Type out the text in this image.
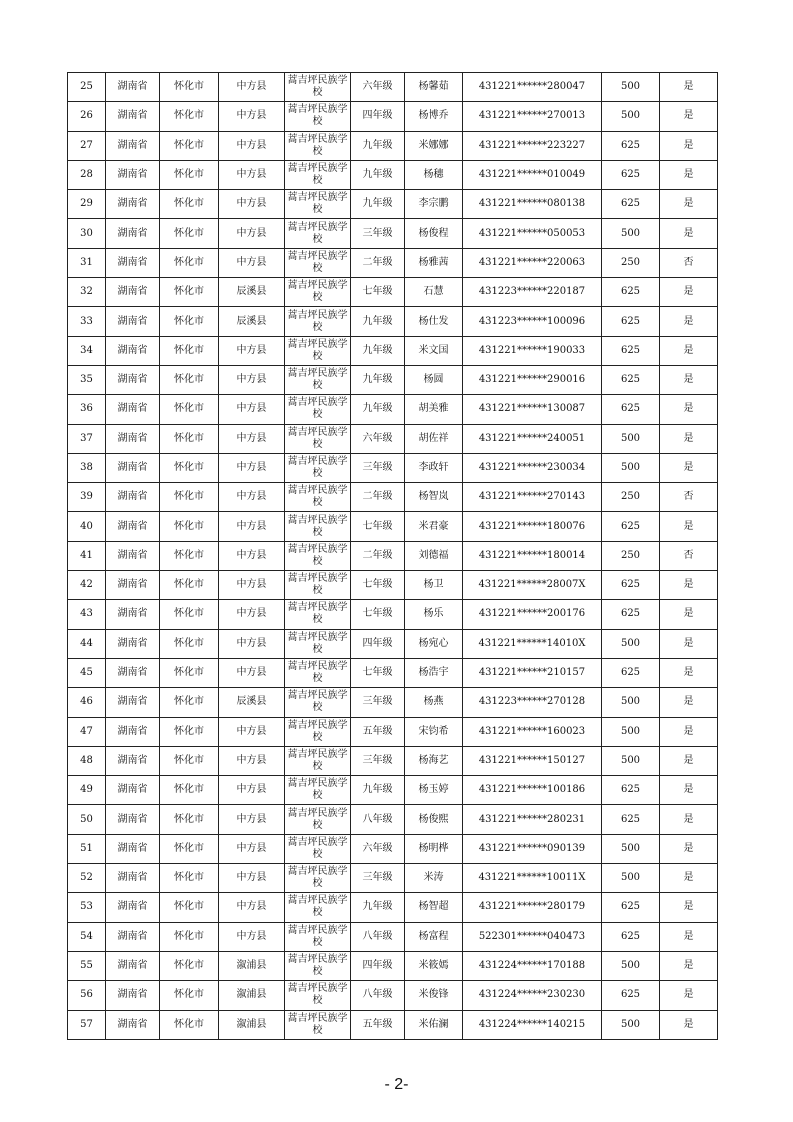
25	湖南省	怀化市	中方县	蒿吉坪民族学校	六年级	杨馨茹	431221******280047	500	是
26	湖南省	怀化市	中方县	蒿吉坪民族学校	四年级	杨博乔	431221******270013	500	是
27	湖南省	怀化市	中方县	蒿吉坪民族学校	九年级	米娜娜	431221******223227	625	是
28	湖南省	怀化市	中方县	蒿吉坪民族学校	九年级	杨穗	431221******010049	625	是
29	湖南省	怀化市	中方县	蒿吉坪民族学校	九年级	李宗鹏	431221******080138	625	是
30	湖南省	怀化市	中方县	蒿吉坪民族学校	三年级	杨俊程	431221******050053	500	是
31	湖南省	怀化市	中方县	蒿吉坪民族学校	二年级	杨雅茜	431221******220063	250	否
32	湖南省	怀化市	辰溪县	蒿吉坪民族学校	七年级	石慧	431223******220187	625	是
33	湖南省	怀化市	辰溪县	蒿吉坪民族学校	九年级	杨仕发	431223******100096	625	是
34	湖南省	怀化市	中方县	蒿吉坪民族学校	九年级	米文国	431221******190033	625	是
35	湖南省	怀化市	中方县	蒿吉坪民族学校	九年级	杨圆	431221******290016	625	是
36	湖南省	怀化市	中方县	蒿吉坪民族学校	九年级	胡美雅	431221******130087	625	是
37	湖南省	怀化市	中方县	蒿吉坪民族学校	六年级	胡佐祥	431221******240051	500	是
38	湖南省	怀化市	中方县	蒿吉坪民族学校	三年级	李政轩	431221******230034	500	是
39	湖南省	怀化市	中方县	蒿吉坪民族学校	二年级	杨智岚	431221******270143	250	否
40	湖南省	怀化市	中方县	蒿吉坪民族学校	七年级	米君豪	431221******180076	625	是
41	湖南省	怀化市	中方县	蒿吉坪民族学校	二年级	刘德福	431221******180014	250	否
42	湖南省	怀化市	中方县	蒿吉坪民族学校	七年级	杨卫	431221******28007X	625	是
43	湖南省	怀化市	中方县	蒿吉坪民族学校	七年级	杨乐	431221******200176	625	是
44	湖南省	怀化市	中方县	蒿吉坪民族学校	四年级	杨宛心	431221******14010X	500	是
45	湖南省	怀化市	中方县	蒿吉坪民族学校	七年级	杨浩宇	431221******210157	625	是
46	湖南省	怀化市	辰溪县	蒿吉坪民族学校	三年级	杨燕	431223******270128	500	是
47	湖南省	怀化市	中方县	蒿吉坪民族学校	五年级	宋钧希	431221******160023	500	是
48	湖南省	怀化市	中方县	蒿吉坪民族学校	三年级	杨海艺	431221******150127	500	是
49	湖南省	怀化市	中方县	蒿吉坪民族学校	九年级	杨玉婷	431221******100186	625	是
50	湖南省	怀化市	中方县	蒿吉坪民族学校	八年级	杨俊熙	431221******280231	625	是
51	湖南省	怀化市	中方县	蒿吉坪民族学校	六年级	杨明桦	431221******090139	500	是
52	湖南省	怀化市	中方县	蒿吉坪民族学校	三年级	米涛	431221******10011X	500	是
53	湖南省	怀化市	中方县	蒿吉坪民族学校	九年级	杨智超	431221******280179	625	是
54	湖南省	怀化市	中方县	蒿吉坪民族学校	八年级	杨富程	522301******040473	625	是
55	湖南省	怀化市	溆浦县	蒿吉坪民族学校	四年级	米筱嫣	431224******170188	500	是
56	湖南省	怀化市	溆浦县	蒿吉坪民族学校	八年级	米俊锋	431224******230230	625	是
57	湖南省	怀化市	溆浦县	蒿吉坪民族学校	五年级	米佑澜	431224******140215	500	是
- 2-
